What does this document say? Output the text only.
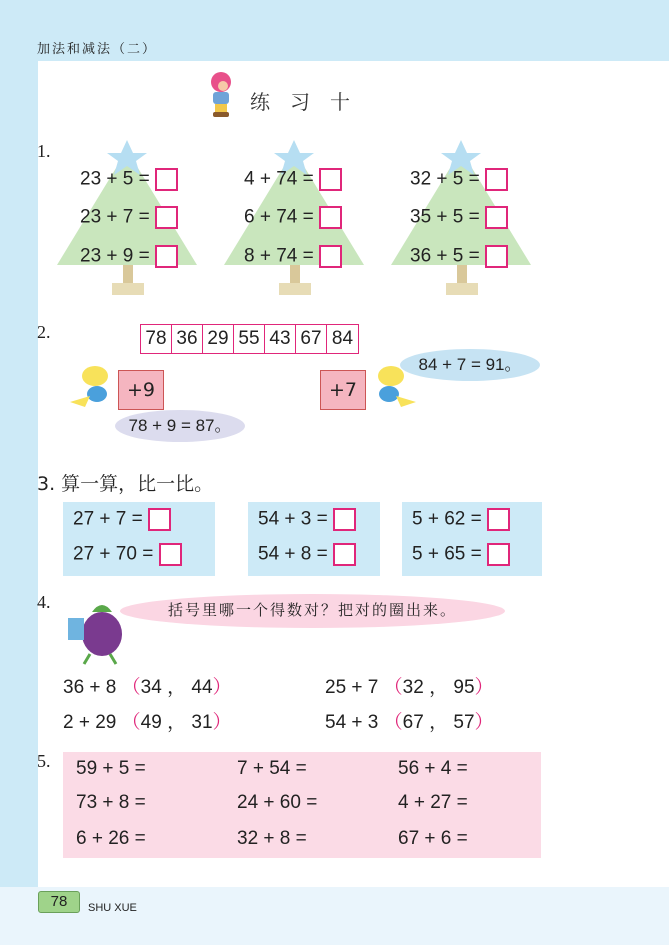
加法和减法（二）
练　习　十
1.
2.	78 36 29 55 43 67 84
+9
78 + 9 = 87。
+7
84 + 7 = 91。
3. 算一算，比一比。
4.	括号里哪一个得数对？把对的圈出来。
5.
78	SHU XUE
23 + 5 =
23 + 7 =
23 + 9 =
4 + 74 =
6 + 74 =
8 + 74 =
32 + 5 =
35 + 5 =
36 + 5 =
27 + 7 =
27 + 70 =
54 + 3 =
54 + 8 =
5 + 62 =
5 + 65 =
36 + 8 （34 ， 44）	25 + 7 （32 ， 95）
2 + 29 （49 ， 31）	54 + 3 （67 ， 57）
59 + 5 =	7 + 54 =	56 + 4 =
73 + 8 =	24 + 60 =	4 + 27 =
6 + 26 =	32 + 8 =	67 + 6 =
